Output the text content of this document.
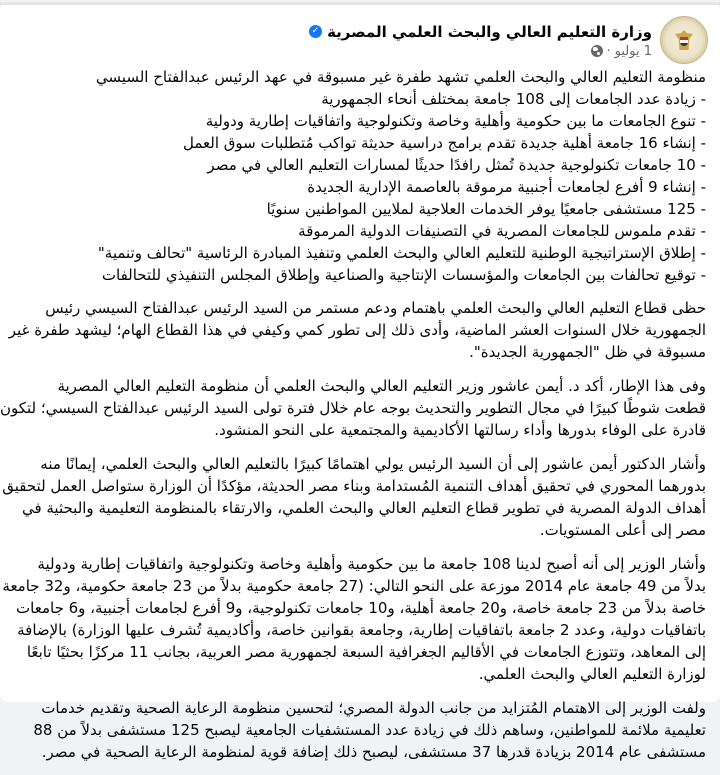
وزارة التعليم العالي والبحث العلمي المصرية
✓
1 يوليو
·
منظومة التعليم العالي والبحث العلمي تشهد طفرة غير مسبوقة في عهد الرئيس عبدالفتاح السيسي
- زيادة عدد الجامعات إلى 108 جامعة بمختلف أنحاء الجمهورية
- تنوع الجامعات ما بين حكومية وأهلية وخاصة وتكنولوجية واتفاقيات إطارية ودولية
- إنشاء 16 جامعة أهلية جديدة تقدم برامج دراسية حديثة تواكب مُتطلبات سوق العمل
- 10 جامعات تكنولوجية جديدة تُمثل رافدًا حديثًا لمسارات التعليم العالي في مصر
- إنشاء 9 أفرع لجامعات أجنبية مرموقة بالعاصمة الإدارية الجديدة
- 125 مستشفى جامعيًا يوفر الخدمات العلاجية لملايين المواطنين سنويًا
- تقدم ملموس للجامعات المصرية في التصنيفات الدولية المرموقة
- إطلاق الإستراتيجية الوطنية للتعليم العالي والبحث العلمي وتنفيذ المبادرة الرئاسية "تحالف وتنمية"
- توقيع تحالفات بين الجامعات والمؤسسات الإنتاجية والصناعية وإطلاق المجلس التنفيذي للتحالفات
حظى قطاع التعليم العالي والبحث العلمي باهتمام ودعم مستمر من السيد الرئيس عبدالفتاح السيسي رئيس
الجمهورية خلال السنوات العشر الماضية، وأدى ذلك إلى تطور كمي وكيفي في هذا القطاع الهام؛ ليشهد طفرة غير
مسبوقة في ظل "الجمهورية الجديدة".
وفى هذا الإطار، أكد د. أيمن عاشور وزير التعليم العالي والبحث العلمي أن منظومة التعليم العالي المصرية
قطعت شوطًا كبيرًا في مجال التطوير والتحديث بوجه عام خلال فترة تولى السيد الرئيس عبدالفتاح السيسي؛ لتكون
قادرة على الوفاء بدورها وأداء رسالتها الأكاديمية والمجتمعية على النحو المنشود.
وأشار الدكتور أيمن عاشور إلى أن السيد الرئيس يولي اهتمامًا كبيرًا بالتعليم العالي والبحث العلمي، إيمانًا منه
بدورهما المحوري في تحقيق أهداف التنمية المُستدامة وبناء مصر الحديثة، مؤكدًا أن الوزارة ستواصل العمل لتحقيق
أهداف الدولة المصرية في تطوير قطاع التعليم العالي والبحث العلمي، والارتقاء بالمنظومة التعليمية والبحثية في
مصر إلى أعلى المستويات.
وأشار الوزير إلى أنه أصبح لدينا 108 جامعة ما بين حكومية وأهلية وخاصة وتكنولوجية واتفاقيات إطارية ودولية
بدلاً من 49 جامعة عام 2014 موزعة على النحو التالي: (27 جامعة حكومية بدلاً من 23 جامعة حكومية، و32 جامعة
خاصة بدلاً من 23 جامعة خاصة، و20 جامعة أهلية، و10 جامعات تكنولوجية، و9 أفرع لجامعات أجنبية، و6 جامعات
باتفاقيات دولية، وعدد 2 جامعة باتفاقيات إطارية، وجامعة بقوانين خاصة، وأكاديمية تُشرف عليها الوزارة) بالإضافة
إلى المعاهد، وتتوزع الجامعات في الأقاليم الجغرافية السبعة لجمهورية مصر العربية، بجانب 11 مركزًا بحثيًا تابعًا
لوزارة التعليم العالي والبحث العلمي.
ولفت الوزير إلى الاهتمام المُتزايد من جانب الدولة المصري؛ لتحسين منظومة الرعاية الصحية وتقديم خدمات
تعليمية ملائمة للمواطنين، وساهم ذلك في زيادة عدد المستشفيات الجامعية ليصبح 125 مستشفى بدلاً من 88
مستشفى عام 2014 بزيادة قدرها 37 مستشفى، ليصبح ذلك إضافة قوية لمنظومة الرعاية الصحية في مصر.
